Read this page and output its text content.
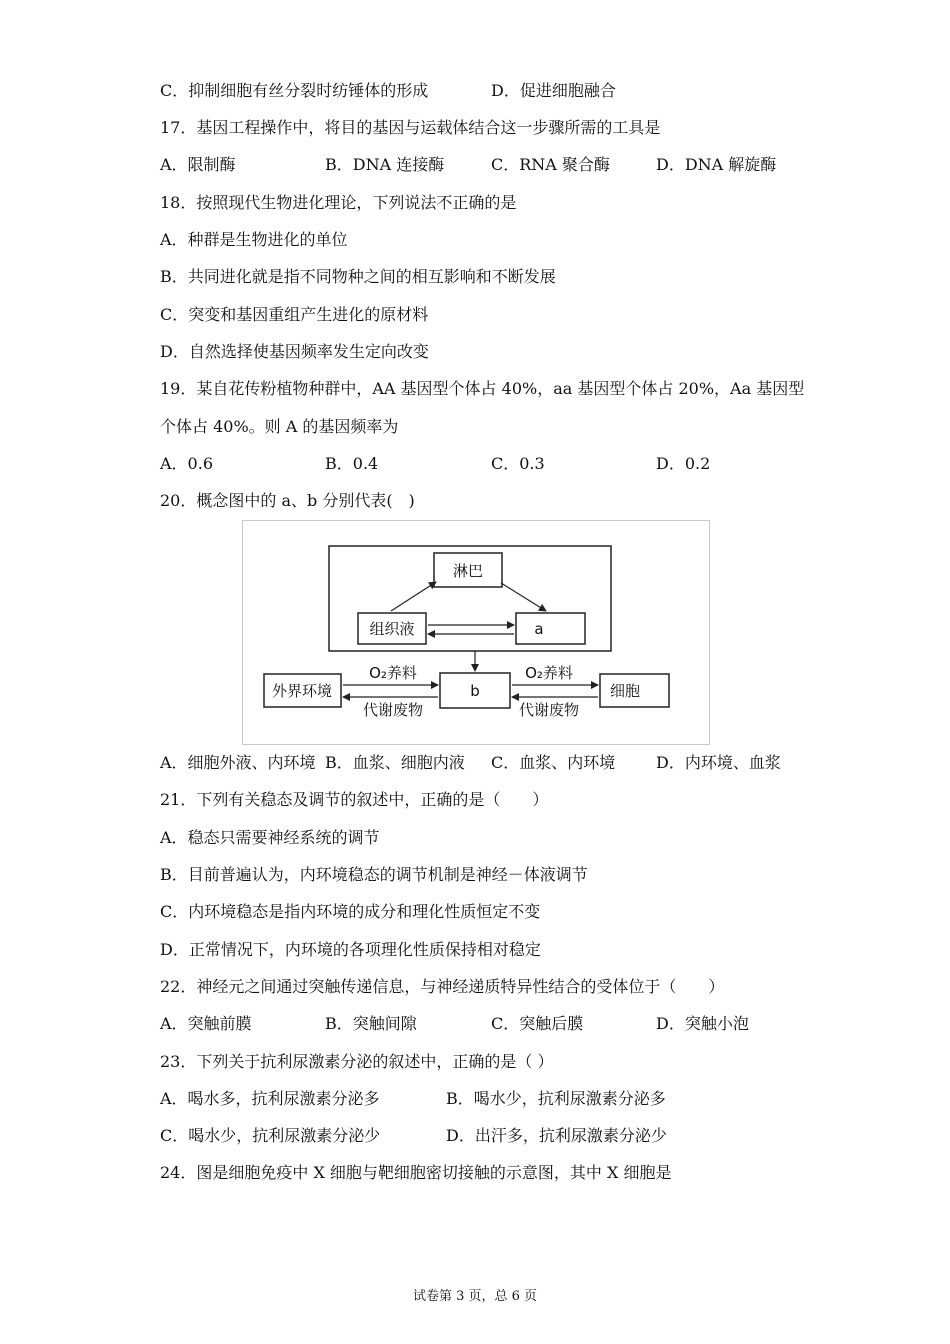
C．抑制细胞有丝分裂时纺锤体的形成	D．促进细胞融合
17．基因工程操作中，将目的基因与运载体结合这一步骤所需的工具是
A．限制酶	B．DNA 连接酶	C．RNA 聚合酶	D．DNA 解旋酶
18．按照现代生物进化理论，下列说法不正确的是
A．种群是生物进化的单位
B．共同进化就是指不同物种之间的相互影响和不断发展
C．突变和基因重组产生进化的原材料
D．自然选择使基因频率发生定向改变
19．某自花传粉植物种群中，AA 基因型个体占 40%，aa 基因型个体占 20%，Aa 基因型
个体占 40%。则 A 的基因频率为
A．0.6	B．0.4	C．0.3	D．0.2
20．概念图中的 a、b 分别代表(　)
淋巴
组织液	a
b
外界环境	细胞
O₂养料
代谢废物
O₂养料
代谢废物
A．细胞外液、内环境 B．血浆、细胞内液 C．血浆、内环境	D．内环境、血浆
21．下列有关稳态及调节的叙述中，正确的是（　　）
A．稳态只需要神经系统的调节
B．目前普遍认为，内环境稳态的调节机制是神经－体液调节
C．内环境稳态是指内环境的成分和理化性质恒定不变
D．正常情况下，内环境的各项理化性质保持相对稳定
22．神经元之间通过突触传递信息，与神经递质特异性结合的受体位于（　　）
A．突触前膜	B．突触间隙	C．突触后膜	D．突触小泡
23．下列关于抗利尿激素分泌的叙述中，正确的是（ ）
A．喝水多，抗利尿激素分泌多	B．喝水少，抗利尿激素分泌多
C．喝水少，抗利尿激素分泌少	D．出汗多，抗利尿激素分泌少
24．图是细胞免疫中 X 细胞与靶细胞密切接触的示意图，其中 X 细胞是
试卷第 3 页，总 6 页
